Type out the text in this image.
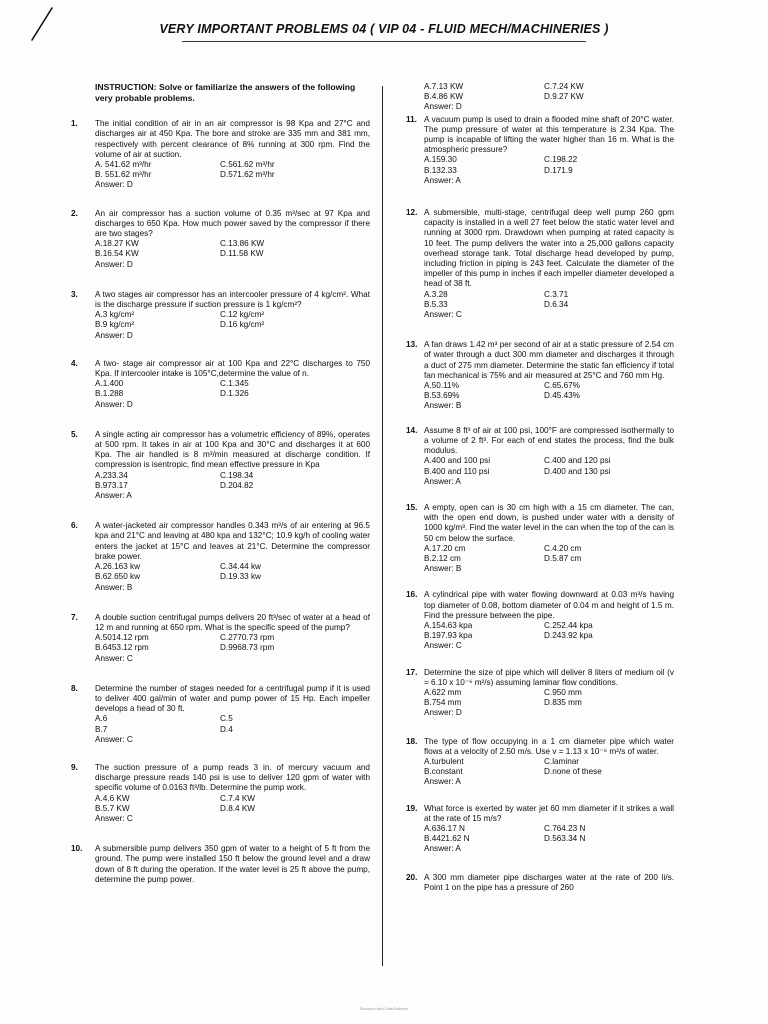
VERY IMPORTANT PROBLEMS 04 ( VIP 04 - FLUID MECH/MACHINERIES )
INSTRUCTION: Solve or familiarize the answers of the following very probable problems.
1. The initial condition of air in an air compressor is 98 Kpa and 27°C and discharges air at 450 Kpa. The bore and stroke are 335 mm and 381 mm, respectively with percent clearance of 8% running at 300 rpm. Find the volume of air at suction.
A. 541.62 m³/hr	C.561.62 m³/hr
B. 551.62 m³/hr	D.571.62 m³/hr
Answer: D
2. An air compressor has a suction volume of 0.35 m³/sec at 97 Kpa and discharges to 650 Kpa. How much power saved by the compressor if there are two stages?
A.18.27 KW	C.13.86 KW
B.16.54 KW	D.11.58 KW
Answer: D
3. A two stages air compressor has an intercooler pressure of 4 kg/cm². What is the discharge pressure if suction pressure is 1 kg/cm²?
A.3 kg/cm²	C.12 kg/cm²
B.9 kg/cm²	D.16 kg/cm²
Answer: D
4. A two- stage air compressor air at 100 Kpa and 22°C discharges to 750 Kpa. If intercooler intake is 105°C,determine the value of n.
A.1.400	C.1.345
B.1.288	D.1.326
Answer: D
5. A single acting air compressor has a volumetric efficiency of 89%, operates at 500 rpm. It takes in air at 100 Kpa and 30°C and discharges it at 600 Kpa. The air handled is 8 m³/min measured at discharge condition. If compression is isentropic, find mean effective pressure in Kpa
A.233.34	C.198.34
B.973.17	D.204.82
Answer: A
6. A water-jacketed air compressor handles 0.343 m³/s of air entering at 96.5 kpa and 21°C and leaving at 480 kpa and 132°C; 10.9 kg/h of cooling water enters the jacket at 15°C and leaves at 21°C. Determine the compressor brake power.
A.26.163 kw	C.34.44 kw
B.62.650 kw	D.19.33 kw
Answer: B
7. A double suction centrifugal pumps delivers 20 ft³/sec of water at a head of 12 m and running at 650 rpm. What is the specific speed of the pump?
A.5014.12 rpm	C.2770.73 rpm
B.6453.12 rpm	D.9968.73 rpm
Answer: C
8. Determine the number of stages needed for a centrifugal pump if it is used to deliver 400 gal/min of water and pump power of 15 Hp. Each impeller develops a head of 30 ft.
A.6	C.5
B.7	D.4
Answer: C
9. The suction pressure of a pump reads 3 in. of mercury vacuum and discharge pressure reads 140 psi is use to deliver 120 gpm of water with specific volume of 0.0163 ft³/lb. Determine the pump work.
A.4.6 KW	C.7.4 KW
B.5.7 KW	D.8.4 KW
Answer: C
10. A submersible pump delivers 350 gpm of water to a height of 5 ft from the ground. The pump were installed 150 ft below the ground level and a draw down of 8 ft during the operation. If the water level is 25 ft above the pump, determine the pump power.
A.7.13 KW	C.7.24 KW
B.4.86 KW	D.9.27 KW
Answer: D
11. A vacuum pump is used to drain a flooded mine shaft of 20°C water. The pump pressure of water at this temperature is 2.34 Kpa. The pump is incapable of lifting the water higher than 16 m. What is the atmospheric pressure?
A.159.30	C.198.22
B.132.33	D.171.9
Answer: A
12. A submersible, multi-stage, centrifugal deep well pump 260 gpm capacity is installed in a well 27 feet below the static water level and running at 3000 rpm. Drawdown when pumping at rated capacity is 10 feet. The pump delivers the water into a 25,000 gallons capacity overhead storage tank. Total discharge head developed by pump, including friction in piping is 243 feet. Calculate the diameter of the impeller of this pump in inches if each impeller diameter developed a head of 38 ft.
A.3.28	C.3.71
B.5.33	D.6.34
Answer: C
13. A fan draws 1.42 m³ per second of air at a static pressure of 2.54 cm of water through a duct 300 mm diameter and discharges it through a duct of 275 mm diameter. Determine the static fan efficiency if total fan mechanical is 75% and air measured at 25°C and 760 mm Hg.
A.50.11%	C.65.67%
B.53.69%	D.45.43%
Answer: B
14. Assume 8 ft³ of air at 100 psi, 100°F are compressed isothermally to a volume of 2 ft³. For each of end states the process, find the bulk modulus.
A.400 and 100 psi	C.400 and 120 psi
B.400 and 110 psi	D.400 and 130 psi
Answer: A
15. A empty, open can is 30 cm high with a 15 cm diameter. The can, with the open end down, is pushed under water with a density of 1000 kg/m³. Find the water level in the can when the top of the can is 50 cm below the surface.
A.17.20 cm	C.4.20 cm
B.2.12 cm	D.5.87 cm
Answer: B
16. A cylindrical pipe with water flowing downward at 0.03 m³/s having top diameter of 0.08, bottom diameter of 0.04 m and height of 1.5 m. Find the pressure between the pipe.
A.154.63 kpa	C.252.44 kpa
B.197.93 kpa	D.243.92 kpa
Answer: C
17. Determine the size of pipe which will deliver 8 liters of medium oil (v = 6.10 x 10⁻⁶ m²/s) assuming laminar flow conditions.
A.622 mm	C.950 mm
B.754 mm	D.835 mm
Answer: D
18. The type of flow occupying in a 1 cm diameter pipe which water flows at a velocity of 2.50 m/s. Use v = 1.13 x 10⁻⁶ m²/s of water.
A.turbulent	C.laminar
B.constant	D.none of these
Answer: A
19. What force is exerted by water jet 60 mm diameter if it strikes a wall at the rate of 15 m/s?
A.636.17 N	C.764.23 N
B.4421.62 N	D.563.34 N
Answer: A
20. A 300 mm diameter pipe discharges water at the rate of 200 li/s. Point 1 on the pipe has a pressure of 260
Scanned with CamScanner
